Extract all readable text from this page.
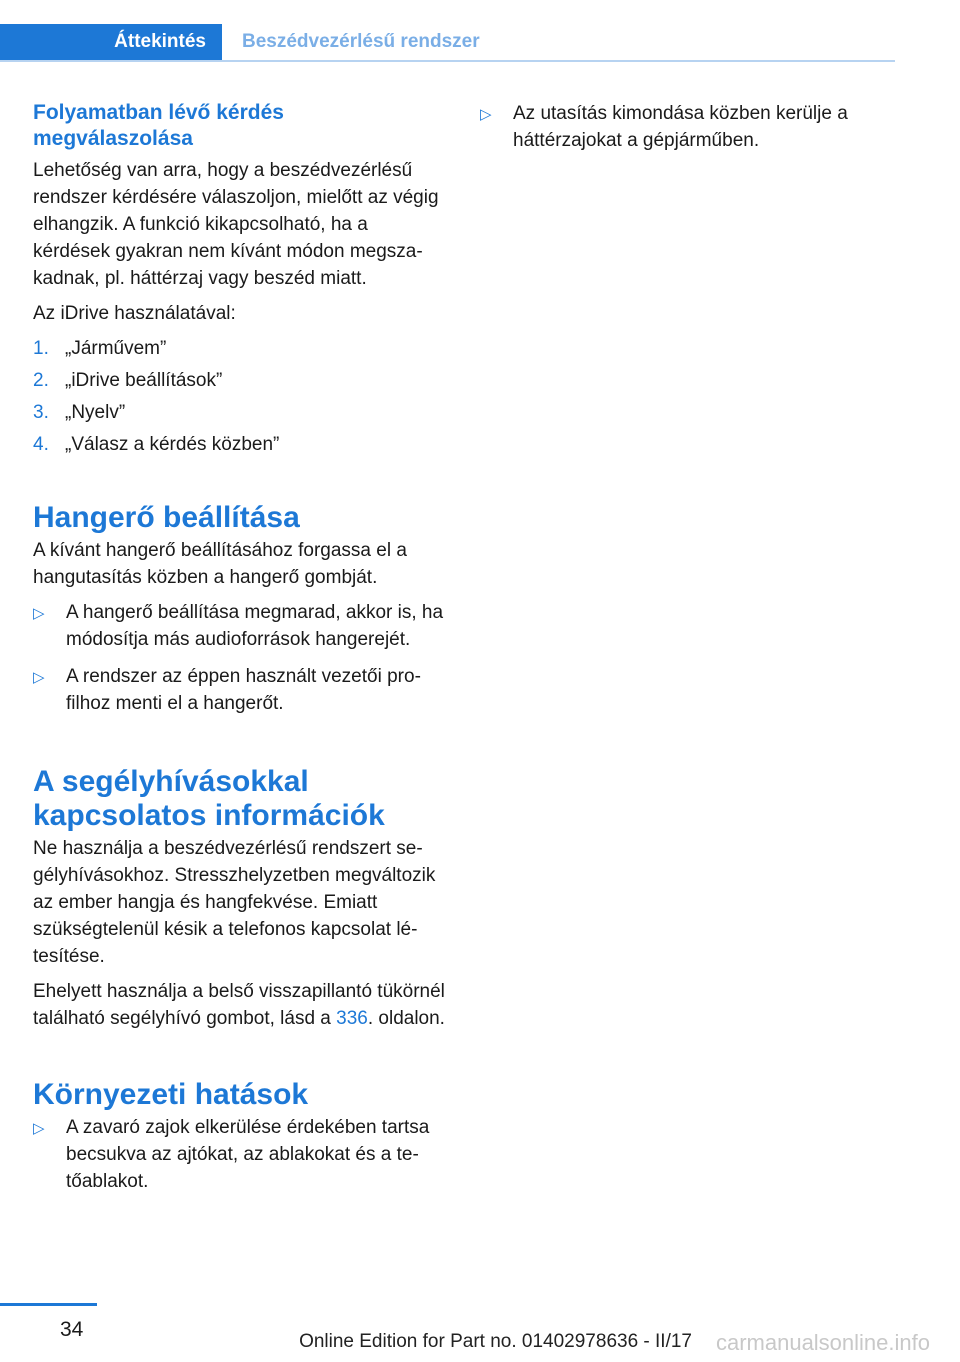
Áttekintés	Beszédvezérlésű rendszer
Folyamatban lévő kérdés megválaszolása

Lehetőség van arra, hogy a beszédvezérlésű rendszer kérdésére válaszoljon, mielőtt az végig elhangzik. A funkció kikapcsolható, ha a kérdések gyakran nem kívánt módon megszakadnak, pl. háttérzaj vagy beszéd miatt.

Az iDrive használatával:

1. „Járművem”
2. „iDrive beállítások”
3. „Nyelv”
4. „Válasz a kérdés közben”
Hangerő beállítása

A kívánt hangerő beállításához forgassa el a hangutasítás közben a hangerő gombját.

▷	A hangerő beállítása megmarad, akkor is, ha módosítja más audioforrások hangerejét.
▷	A rendszer az éppen használt vezetői profilhoz menti el a hangerőt.
A segélyhívásokkal kapcsolatos információk

Ne használja a beszédvezérlésű rendszert segélyhívásokhoz. Stresszhelyzetben megváltozik az ember hangja és hangfekvése. Emiatt szükségtelenül késik a telefonos kapcsolat létesítése.

Ehelyett használja a belső visszapillantó tükörnél található segélyhívó gombot, lásd a 336. oldalon.

Környezeti hatások
▷	A zavaró zajok elkerülése érdekében tartsa becsukva az ajtókat, az ablakokat és a tetőablakot.
▷	Az utasítás kimondása közben kerülje a háttérzajokat a gépjárműben.
34
Online Edition for Part no. 01402978636 - II/17 carmanualsonline.info
